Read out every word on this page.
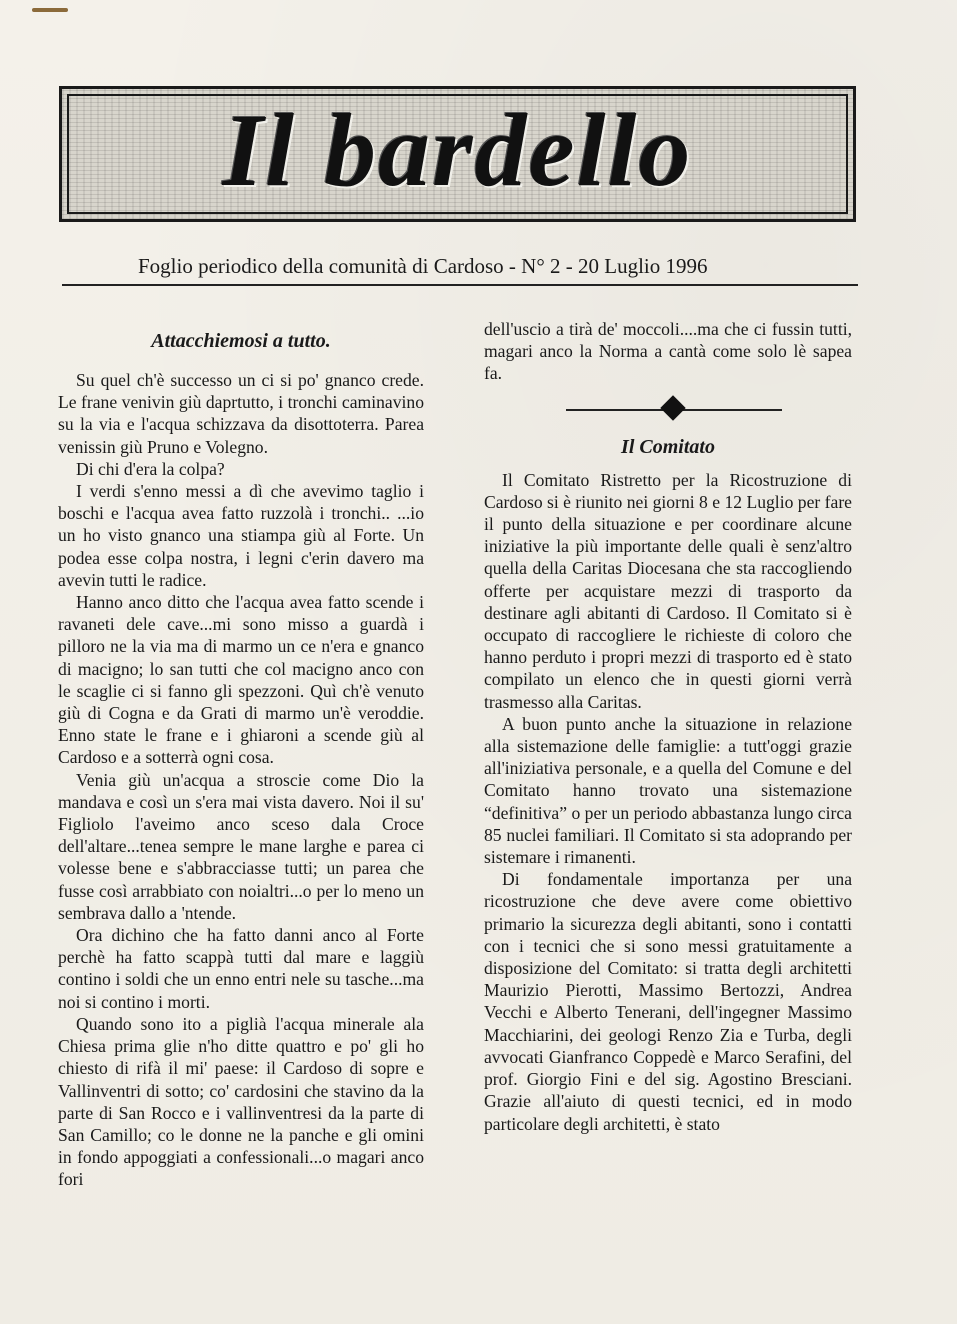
Il bardello
Foglio periodico della comunità di Cardoso - N° 2 - 20 Luglio 1996
Attacchiemosi a tutto.

Su quel ch'è successo un ci si po' gnanco crede. Le frane venivin giù daprtutto, i tronchi caminavino su la via e l'acqua schizzava da disottoterra. Parea venissin giù Pruno e Volegno.

Di chi d'era la colpa?

I verdi s'enno messi a dì che avevimo taglio i boschi e l'acqua avea fatto ruzzolà i tronchi.. ...io un ho visto gnanco una stiampa giù al Forte. Un podea esse colpa nostra, i legni c'erin davero ma avevin tutti le radice.

Hanno anco ditto che l'acqua avea fatto scende i ravaneti dele cave...mi sono misso a guardà i pilloro ne la via ma di marmo un ce n'era e gnanco di macigno; lo san tutti che col macigno anco con le scaglie ci si fanno gli spezzoni. Quì ch'è venuto giù di Cogna e da Grati di marmo un'è veroddie. Enno state le frane e i ghiaroni a scende giù al Cardoso e a sotterrà ogni cosa.

Venia giù un'acqua a stroscie come Dio la mandava e così un s'era mai vista davero. Noi il su' Figliolo l'aveimo anco sceso dala Croce dell'altare...tenea sempre le mane larghe e parea ci volesse bene e s'abbracciasse tutti; un parea che fusse così arrabbiato con noialtri...o per lo meno un sembrava dallo a 'ntende.

Ora dichino che ha fatto danni anco al Forte perchè ha fatto scappà tutti dal mare e laggiù contino i soldi che un enno entri nele su tasche...ma noi si contino i morti.

Quando sono ito a piglià l'acqua minerale ala Chiesa prima glie n'ho ditte quattro e po' gli ho chiesto di rifà il mi' paese: il Cardoso di sopre e Vallinventri di sotto; co' cardosini che stavino da la parte di San Rocco e i vallinventresi da la parte di San Camillo; co le donne ne la panche e gli omini in fondo appoggiati a confessionali...o magari anco fori

dell'uscio a tirà de' moccoli....ma che ci fussin tutti, magari anco la Norma a cantà come solo lè sapea fa.

Il Comitato

Il Comitato Ristretto per la Ricostruzione di Cardoso si è riunito nei giorni 8 e 12 Luglio per fare il punto della situazione e per coordinare alcune iniziative la più importante delle quali è senz'altro quella della Caritas Diocesana che sta raccogliendo offerte per acquistare mezzi di trasporto da destinare agli abitanti di Cardoso. Il Comitato si è occupato di raccogliere le richieste di coloro che hanno perduto i propri mezzi di trasporto ed è stato compilato un elenco che in questi giorni verrà trasmesso alla Caritas.

A buon punto anche la situazione in relazione alla sistemazione delle famiglie: a tutt'oggi grazie all'iniziativa personale, e a quella del Comune e del Comitato hanno trovato una sistemazione “definitiva” o per un periodo abbastanza lungo circa 85 nuclei familiari. Il Comitato si sta adoprando per sistemare i rimanenti.

Di fondamentale importanza per una ricostruzione che deve avere come obiettivo primario la sicurezza degli abitanti, sono i contatti con i tecnici che si sono messi gratuitamente a disposizione del Comitato: si tratta degli architetti Maurizio Pierotti, Massimo Bertozzi, Andrea Vecchi e Alberto Tenerani, dell'ingegner Massimo Macchiarini, dei geologi Renzo Zia e Turba, degli avvocati Gianfranco Coppedè e Marco Serafini, del prof. Giorgio Fini e del sig. Agostino Bresciani. Grazie all'aiuto di questi tecnici, ed in modo particolare degli architetti, è stato
